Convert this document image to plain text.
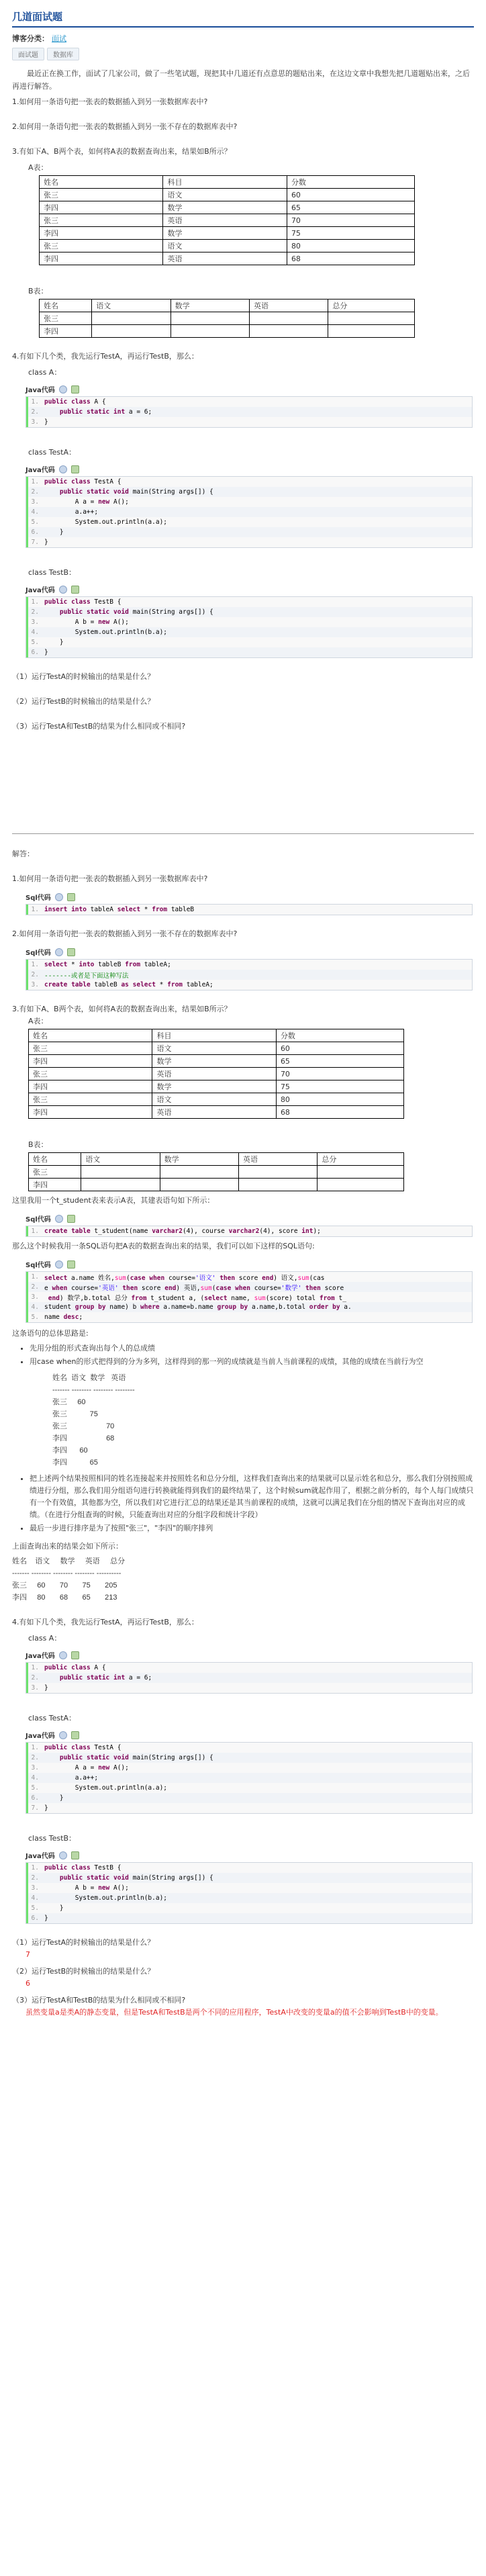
几道面试题
博客分类： 面试
面试题	数据库

最近正在换工作，面试了几家公司，做了一些笔试题，现把其中几道还有点意思的题贴出来，在这边文章中我想先把几道题贴出来，之后再进行解答。

1.如何用一条语句把一张表的数据插入到另一张数据库表中?

2.如何用一条语句把一张表的数据插入到另一张不存在的数据库表中?

3.有如下A、B两个表，如何将A表的数据查询出来，结果如B所示？

A表：
姓名	科目	分数
张三	语文	60
李四	数学	65
张三	英语	70
李四	数学	75
张三	语文	80
李四	英语	68
B表：
姓名	语文	数学	英语	总分
张三				
李四				

4.有如下几个类，我先运行TestA，再运行TestB，那么：

class A：
Java代码
1. public class A {
2.	public static int a = 6;
3. }
class TestA：
Java代码
1. public class TestA {
2.	public static void main(String args[]) {
3. A a = new A();
4. a.a++;
5. System.out.println(a.a);
6. }
7. }
class TestB：
Java代码
1. public class TestB {
2.	public static void main(String args[]) {
3. A b = new A();
4. System.out.println(b.a);
5. }
6. }

（1）运行TestA的时候输出的结果是什么？

（2）运行TestB的时候输出的结果是什么？

（3）运行TestA和TestB的结果为什么相同或不相同?

解答：

1.如何用一条语句把一张表的数据插入到另一张数据库表中?

Sql代码
1. insert into tableA select * from tableB

2.如何用一条语句把一张表的数据插入到另一张不存在的数据库表中?

Sql代码
1. select * into tableB from tableA;
2. -------或者是下面这种写法
3. create table tableB as select * from tableA;

3.有如下A、B两个表，如何将A表的数据查询出来，结果如B所示？

A表：
姓名	科目	分数
张三	语文	60
李四	数学	65
张三	英语	70
李四	数学	75
张三	语文	80
李四	英语	68
B表：
姓名	语文	数学	英语	总分
张三				
李四				

这里我用一个t_student表来表示A表，其建表语句如下所示：

Sql代码
1. create table t_student(name varchar2(4), course varchar2(4), score int);

那么这个时候我用一条SQL语句把A表的数据查询出来的结果，我们可以如下这样的SQL语句:

Sql代码
1. select a.name 姓名,sum(case when course='语文' then score end) 语文,sum(cas
2. e when course='英语' then score end) 英语,sum(case when course='数学' then score
3.	end) 数学,b.total 总分 from t_student a, (select name, sum(score) total from t_
4. student group by name) b where a.name=b.name group by a.name,b.total order by a.
5. name desc;

这条语句的总体思路是:

• 先用分组的形式查询出每个人的总成绩
• 用case when的形式把得到的分为多列，这样得到的那一列的成绩就是当前人当前课程的成绩，其他的成绩在当前行为空
姓名  语文  数学   英语
------- -------- -------- --------
张三     60
张三           75
张三                   70
李四                   68
李四      60
李四           65
• 把上述两个结果按照相同的姓名连接起来并按照姓名和总分分组，这样我们查询出来的结果就可以显示姓名和总分，那么我们分别按照成绩进行分组，那么我们用分组语句进行转换就能得到我们的最终结果了，这个时候sum就起作用了，根据之前分析的，每个人每门成绩只有一个有效值，其他都为空，所以我们对它进行汇总的结果还是其当前课程的成绩，这就可以满足我们在分组的情况下查询出对应的成绩。（在进行分组查询的时候，只能查询出对应的分组字段和统计字段）
• 最后一步进行排序是为了按照"张三"，"李四"的顺序排列

上面查询出来的结果会如下所示：

姓名    语文     数学     英语     总分
------- -------- -------- -------- ----------
张三     60       70       75       205
李四     80       68       65       213

4.有如下几个类，我先运行TestA，再运行TestB，那么：

class A：
Java代码
1. public class A {
2.	public static int a = 6;
3. }
class TestA：
Java代码
1. public class TestA {
2.	public static void main(String args[]) {
3. A a = new A();
4. a.a++;
5. System.out.println(a.a);
6. }
7. }
class TestB：
Java代码
1. public class TestB {
2.	public static void main(String args[]) {
3. A b = new A();
4. System.out.println(b.a);
5. }
6. }

（1）运行TestA的时候输出的结果是什么？

7

（2）运行TestB的时候输出的结果是什么？

6

（3）运行TestA和TestB的结果为什么相同或不相同?

虽然变量a是类A的静态变量，但是TestA和TestB是两个不同的应用程序，TestA中改变的变量a的值不会影响到TestB中的变量。
